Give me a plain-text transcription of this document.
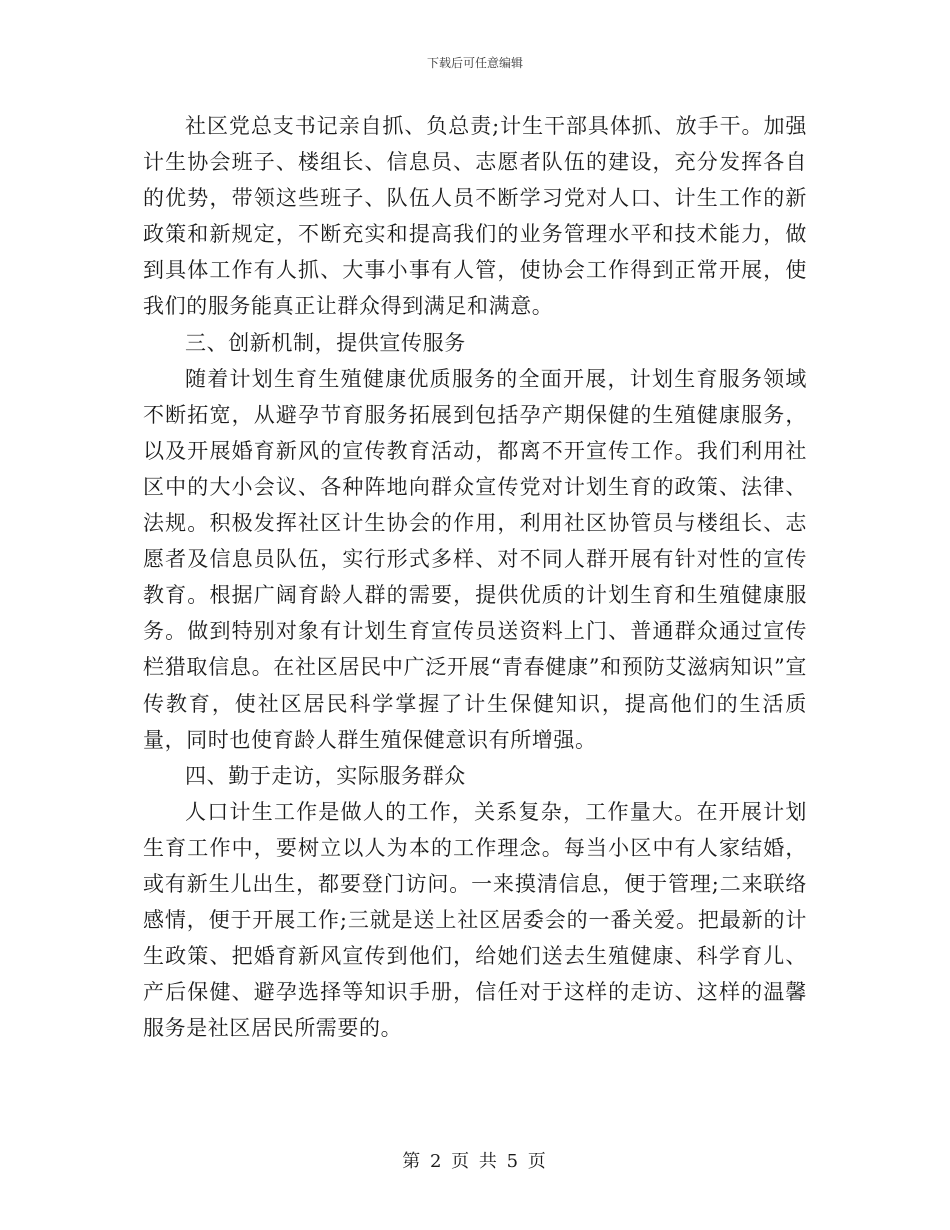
下载后可任意编辑

社区党总支书记亲自抓、负总责;计生干部具体抓、放手干。加强计生协会班子、楼组长、信息员、志愿者队伍的建设，充分发挥各自的优势，带领这些班子、队伍人员不断学习党对人口、计生工作的新政策和新规定，不断充实和提高我们的业务管理水平和技术能力，做到具体工作有人抓、大事小事有人管，使协会工作得到正常开展，使我们的服务能真正让群众得到满足和满意。

三、创新机制，提供宣传服务

随着计划生育生殖健康优质服务的全面开展，计划生育服务领域不断拓宽，从避孕节育服务拓展到包括孕产期保健的生殖健康服务，以及开展婚育新风的宣传教育活动，都离不开宣传工作。我们利用社区中的大小会议、各种阵地向群众宣传党对计划生育的政策、法律、法规。积极发挥社区计生协会的作用，利用社区协管员与楼组长、志愿者及信息员队伍，实行形式多样、对不同人群开展有针对性的宣传教育。根据广阔育龄人群的需要，提供优质的计划生育和生殖健康服务。做到特别对象有计划生育宣传员送资料上门、普通群众通过宣传栏猎取信息。在社区居民中广泛开展“青春健康”和预防艾滋病知识”宣传教育，使社区居民科学掌握了计生保健知识，提高他们的生活质量，同时也使育龄人群生殖保健意识有所增强。

四、勤于走访，实际服务群众

人口计生工作是做人的工作，关系复杂，工作量大。在开展计划生育工作中，要树立以人为本的工作理念。每当小区中有人家结婚，或有新生儿出生，都要登门访问。一来摸清信息，便于管理;二来联络感情，便于开展工作;三就是送上社区居委会的一番关爱。把最新的计生政策、把婚育新风宣传到他们，给她们送去生殖健康、科学育儿、产后保健、避孕选择等知识手册，信任对于这样的走访、这样的温馨服务是社区居民所需要的。

第 2 页 共 5 页
